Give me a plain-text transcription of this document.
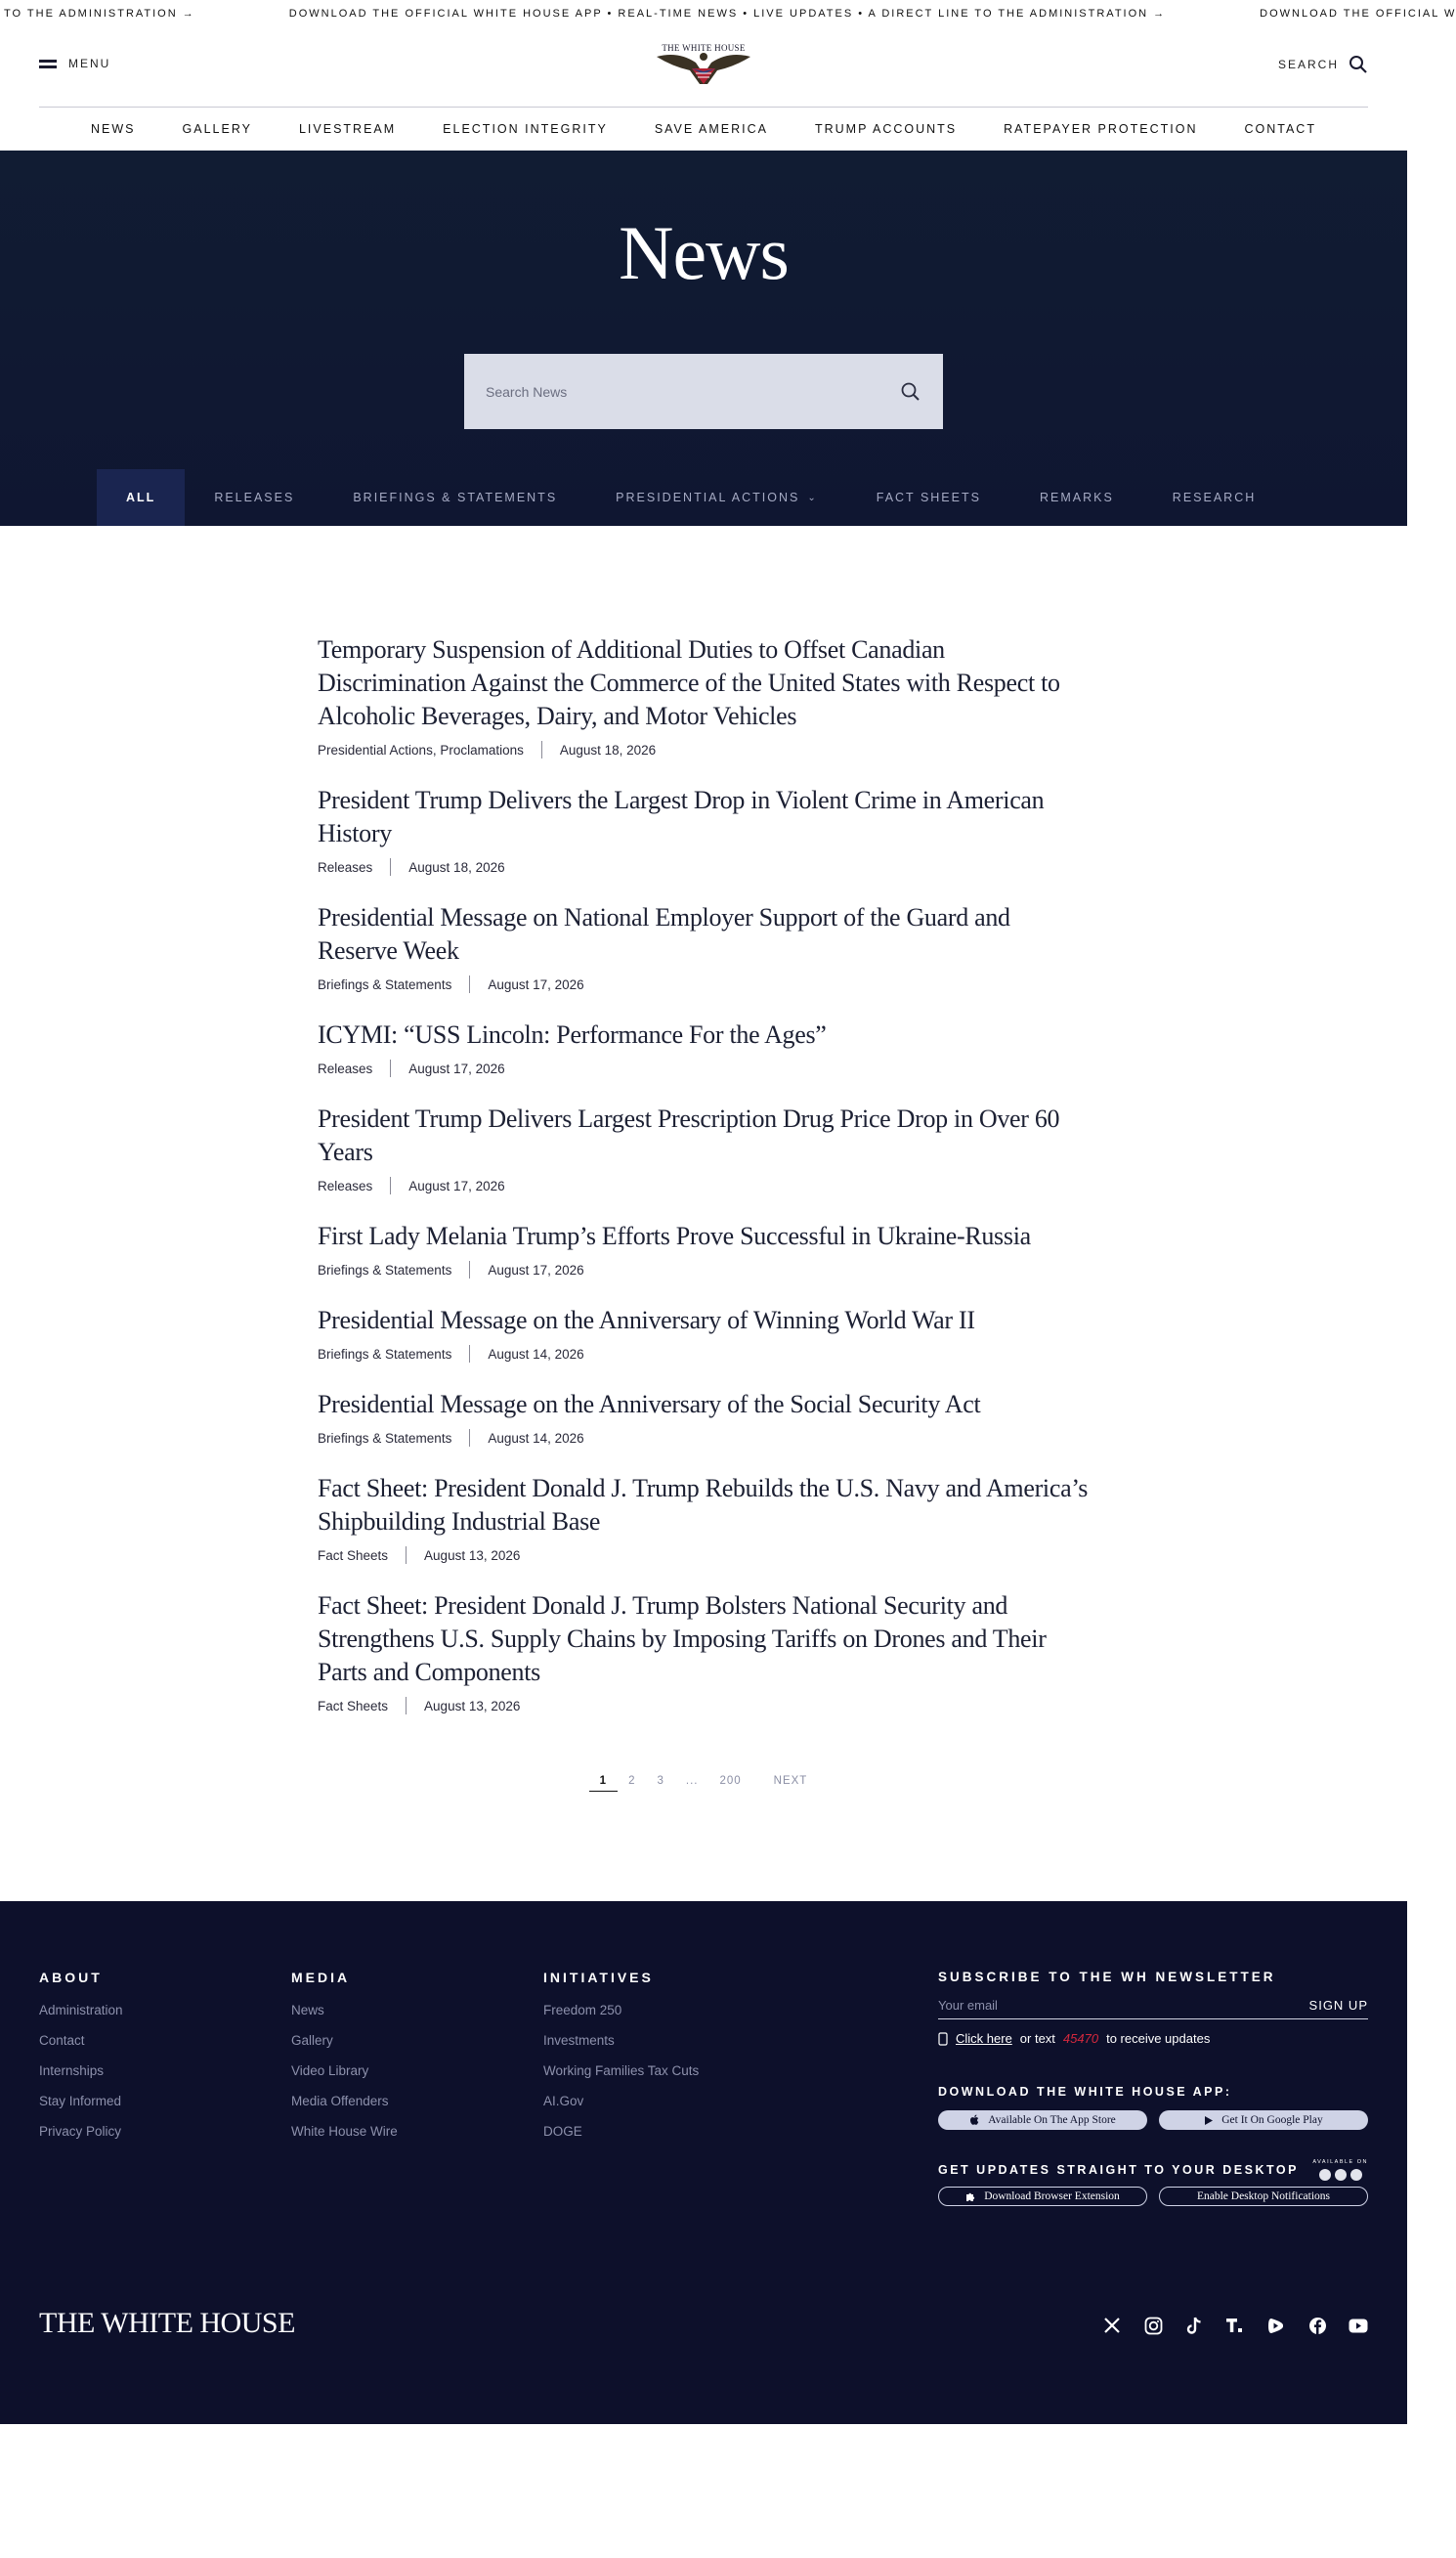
TO THE ADMINISTRATION →	DOWNLOAD THE OFFICIAL WHITE HOUSE APP • REAL-TIME NEWS • LIVE UPDATES • A DIRECT LINE TO THE ADMINISTRATION →	DOWNLOAD THE OFFICIAL W
MENU
THE WHITE HOUSE
SEARCH
NEWS	GALLERY	LIVESTREAM	ELECTION INTEGRITY	SAVE AMERICA	TRUMP ACCOUNTS	RATEPAYER PROTECTION	CONTACT
News
Search News
ALL	RELEASES	BRIEFINGS & STATEMENTS	PRESIDENTIAL ACTIONS ⌄	FACT SHEETS	REMARKS	RESEARCH
Temporary Suspension of Additional Duties to Offset Canadian Discrimination Against the Commerce of the United States with Respect to Alcoholic Beverages, Dairy, and Motor Vehicles
Presidential Actions, Proclamations	August 18, 2026
President Trump Delivers the Largest Drop in Violent Crime in American History
Releases	August 18, 2026
Presidential Message on National Employer Support of the Guard and Reserve Week
Briefings & Statements	August 17, 2026
ICYMI: “USS Lincoln: Performance For the Ages”
Releases	August 17, 2026
President Trump Delivers Largest Prescription Drug Price Drop in Over 60 Years
Releases	August 17, 2026
First Lady Melania Trump’s Efforts Prove Successful in Ukraine-Russia
Briefings & Statements	August 17, 2026
Presidential Message on the Anniversary of Winning World War II
Briefings & Statements	August 14, 2026
Presidential Message on the Anniversary of the Social Security Act
Briefings & Statements	August 14, 2026
Fact Sheet: President Donald J. Trump Rebuilds the U.S. Navy and America’s Shipbuilding Industrial Base
Fact Sheets	August 13, 2026
Fact Sheet: President Donald J. Trump Bolsters National Security and Strengthens U.S. Supply Chains by Imposing Tariffs on Drones and Their Parts and Components
Fact Sheets	August 13, 2026
1	2	3	...	200	NEXT
ABOUT
Administration
Contact
Internships
Stay Informed
Privacy Policy
MEDIA
News
Gallery
Video Library
Media Offenders
White House Wire
INITIATIVES
Freedom 250
Investments
Working Families Tax Cuts
AI.Gov
DOGE
SUBSCRIBE TO THE WH NEWSLETTER
Your email
SIGN UP
Click here or text 45470 to receive updates
DOWNLOAD THE WHITE HOUSE APP:
Available On The App Store	Get It On Google Play
GET UPDATES STRAIGHT TO YOUR DESKTOP
AVAILABLE ON
Download Browser Extension	Enable Desktop Notifications
THE WHITE HOUSE
